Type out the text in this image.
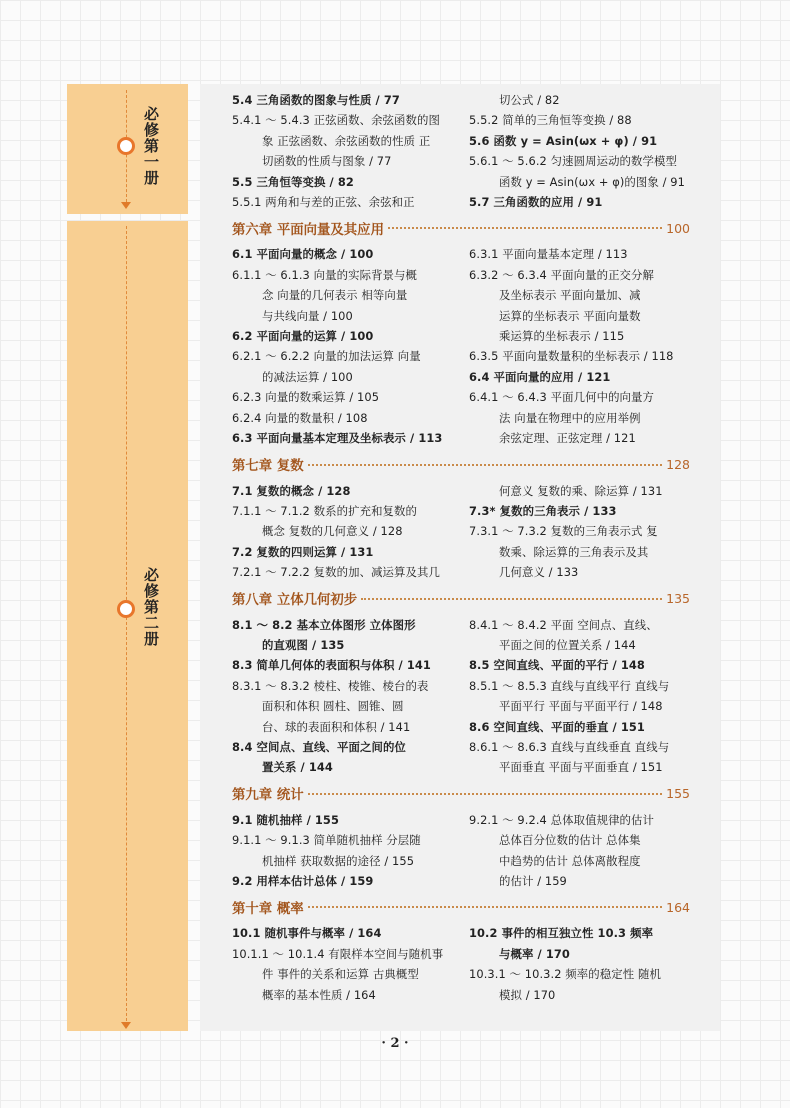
必修第一册
必修第二册
5.4 三角函数的图象与性质 / 77
5.4.1 ～ 5.4.3 正弦函数、余弦函数的图
象 正弦函数、余弦函数的性质 正
切函数的性质与图象 / 77
5.5 三角恒等变换 / 82
5.5.1 两角和与差的正弦、余弦和正
切公式 / 82
5.5.2 简单的三角恒等变换 / 88
5.6 函数 y = Asin(ωx + φ) / 91
5.6.1 ～ 5.6.2 匀速圆周运动的数学模型
函数 y = Asin(ωx + φ)的图象 / 91
5.7 三角函数的应用 / 91
第六章 平面向量及其应用	100
6.1 平面向量的概念 / 100
6.1.1 ～ 6.1.3 向量的实际背景与概
念 向量的几何表示 相等向量
与共线向量 / 100
6.2 平面向量的运算 / 100
6.2.1 ～ 6.2.2 向量的加法运算 向量
的减法运算 / 100
6.2.3 向量的数乘运算 / 105
6.2.4 向量的数量积 / 108
6.3 平面向量基本定理及坐标表示 / 113
6.3.1 平面向量基本定理 / 113
6.3.2 ～ 6.3.4 平面向量的正交分解
及坐标表示 平面向量加、减
运算的坐标表示 平面向量数
乘运算的坐标表示 / 115
6.3.5 平面向量数量积的坐标表示 / 118
6.4 平面向量的应用 / 121
6.4.1 ～ 6.4.3 平面几何中的向量方
法 向量在物理中的应用举例
余弦定理、正弦定理 / 121
第七章 复数	128
7.1 复数的概念 / 128
7.1.1 ～ 7.1.2 数系的扩充和复数的
概念 复数的几何意义 / 128
7.2 复数的四则运算 / 131
7.2.1 ～ 7.2.2 复数的加、减运算及其几
何意义 复数的乘、除运算 / 131
7.3* 复数的三角表示 / 133
7.3.1 ～ 7.3.2 复数的三角表示式 复
数乘、除运算的三角表示及其
几何意义 / 133
第八章 立体几何初步	135
8.1 ～ 8.2 基本立体图形 立体图形
的直观图 / 135
8.3 简单几何体的表面积与体积 / 141
8.3.1 ～ 8.3.2 棱柱、棱锥、棱台的表
面积和体积 圆柱、圆锥、圆
台、球的表面积和体积 / 141
8.4 空间点、直线、平面之间的位
置关系 / 144
8.4.1 ～ 8.4.2 平面 空间点、直线、
平面之间的位置关系 / 144
8.5 空间直线、平面的平行 / 148
8.5.1 ～ 8.5.3 直线与直线平行 直线与
平面平行 平面与平面平行 / 148
8.6 空间直线、平面的垂直 / 151
8.6.1 ～ 8.6.3 直线与直线垂直 直线与
平面垂直 平面与平面垂直 / 151
第九章 统计	155
9.1 随机抽样 / 155
9.1.1 ～ 9.1.3 简单随机抽样 分层随
机抽样 获取数据的途径 / 155
9.2 用样本估计总体 / 159
9.2.1 ～ 9.2.4 总体取值规律的估计
总体百分位数的估计 总体集
中趋势的估计 总体离散程度
的估计 / 159
第十章 概率	164
10.1 随机事件与概率 / 164
10.1.1 ～ 10.1.4 有限样本空间与随机事
件 事件的关系和运算 古典概型
概率的基本性质 / 164
10.2 事件的相互独立性 10.3 频率
与概率 / 170
10.3.1 ～ 10.3.2 频率的稳定性 随机
模拟 / 170
· 2 ·
